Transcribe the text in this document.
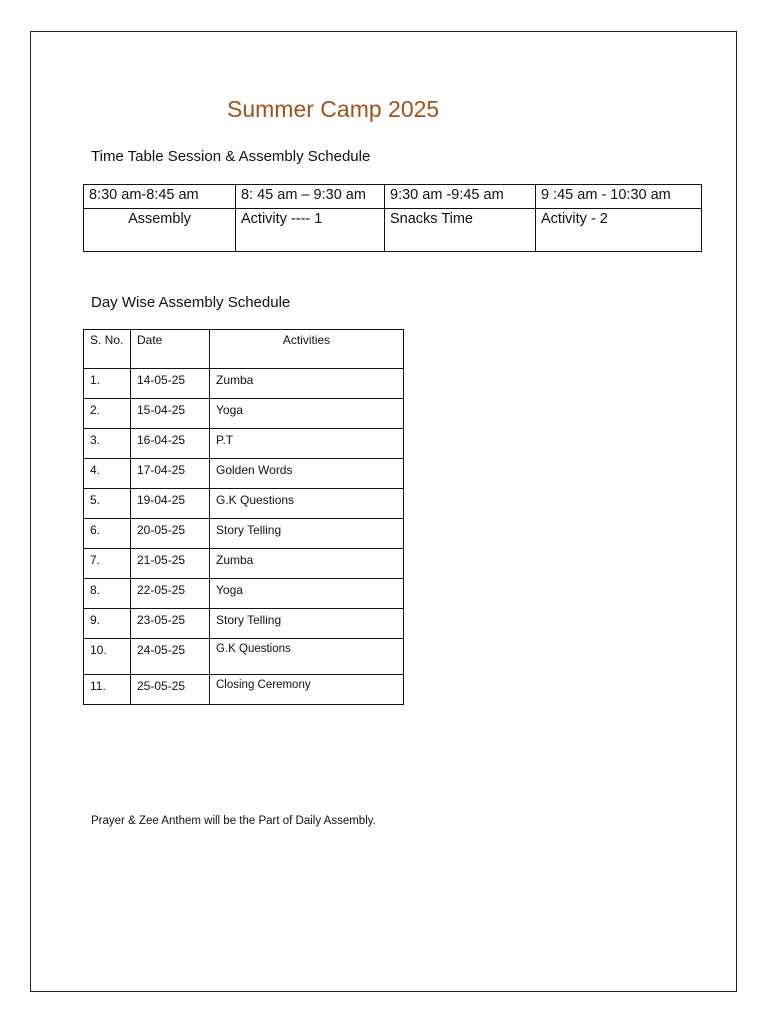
Summer Camp 2025
Time Table Session & Assembly Schedule
8:30 am-8:45 am	8: 45 am – 9:30 am	9:30 am -9:45 am	9 :45 am - 10:30 am
Assembly	Activity ---- 1	Snacks Time	Activity - 2
Day Wise Assembly Schedule
S. No.	Date	Activities
1.	14-05-25	Zumba
2.	15-04-25	Yoga
3.	16-04-25	P.T
4.	17-04-25	Golden Words
5.	19-04-25	G.K Questions
6.	20-05-25	Story Telling
7.	21-05-25	Zumba
8.	22-05-25	Yoga
9.	23-05-25	Story Telling
10.	24-05-25	G.K Questions
11.	25-05-25	Closing Ceremony
Prayer & Zee Anthem will be the Part of Daily Assembly.
